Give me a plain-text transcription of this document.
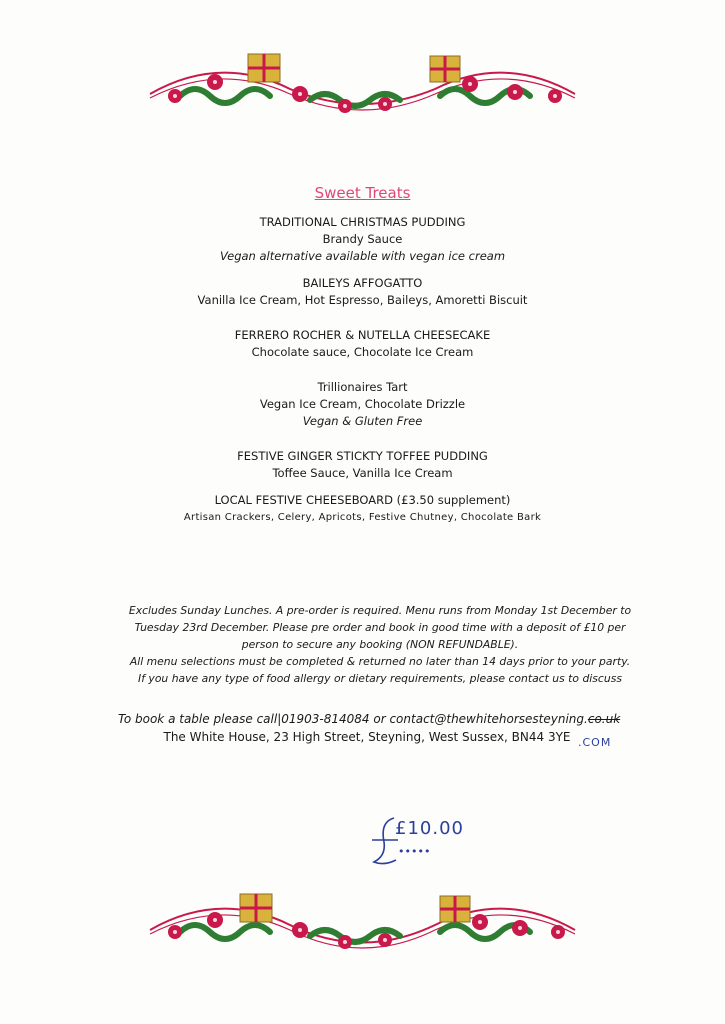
Sweet Treats
TRADITIONAL CHRISTMAS PUDDING
Brandy Sauce
Vegan alternative available with vegan ice cream
BAILEYS AFFOGATTO
Vanilla Ice Cream, Hot Espresso, Baileys, Amoretti Biscuit
FERRERO ROCHER & NUTELLA CHEESECAKE
Chocolate sauce, Chocolate Ice Cream
Trillionaires Tart
Vegan Ice Cream, Chocolate Drizzle
Vegan & Gluten Free
FESTIVE GINGER STICKTY TOFFEE PUDDING
Toffee Sauce, Vanilla Ice Cream
LOCAL FESTIVE CHEESEBOARD (£3.50 supplement)
Artisan Crackers, Celery, Apricots, Festive Chutney, Chocolate Bark
Excludes Sunday Lunches. A pre-order is required. Menu runs from Monday 1st December to
Tuesday 23rd December. Please pre order and book in good time with a deposit of £10 per
person to secure any booking (NON REFUNDABLE).
All menu selections must be completed & returned no later than 14 days prior to your party.
If you have any type of food allergy or dietary requirements, please contact us to discuss
To book a table please call|01903-814084 or contact@thewhitehorsesteyning.co.uk
The White House, 23 High Street, Steyning, West Sussex, BN44 3YE .COM
£10.00
•••••
